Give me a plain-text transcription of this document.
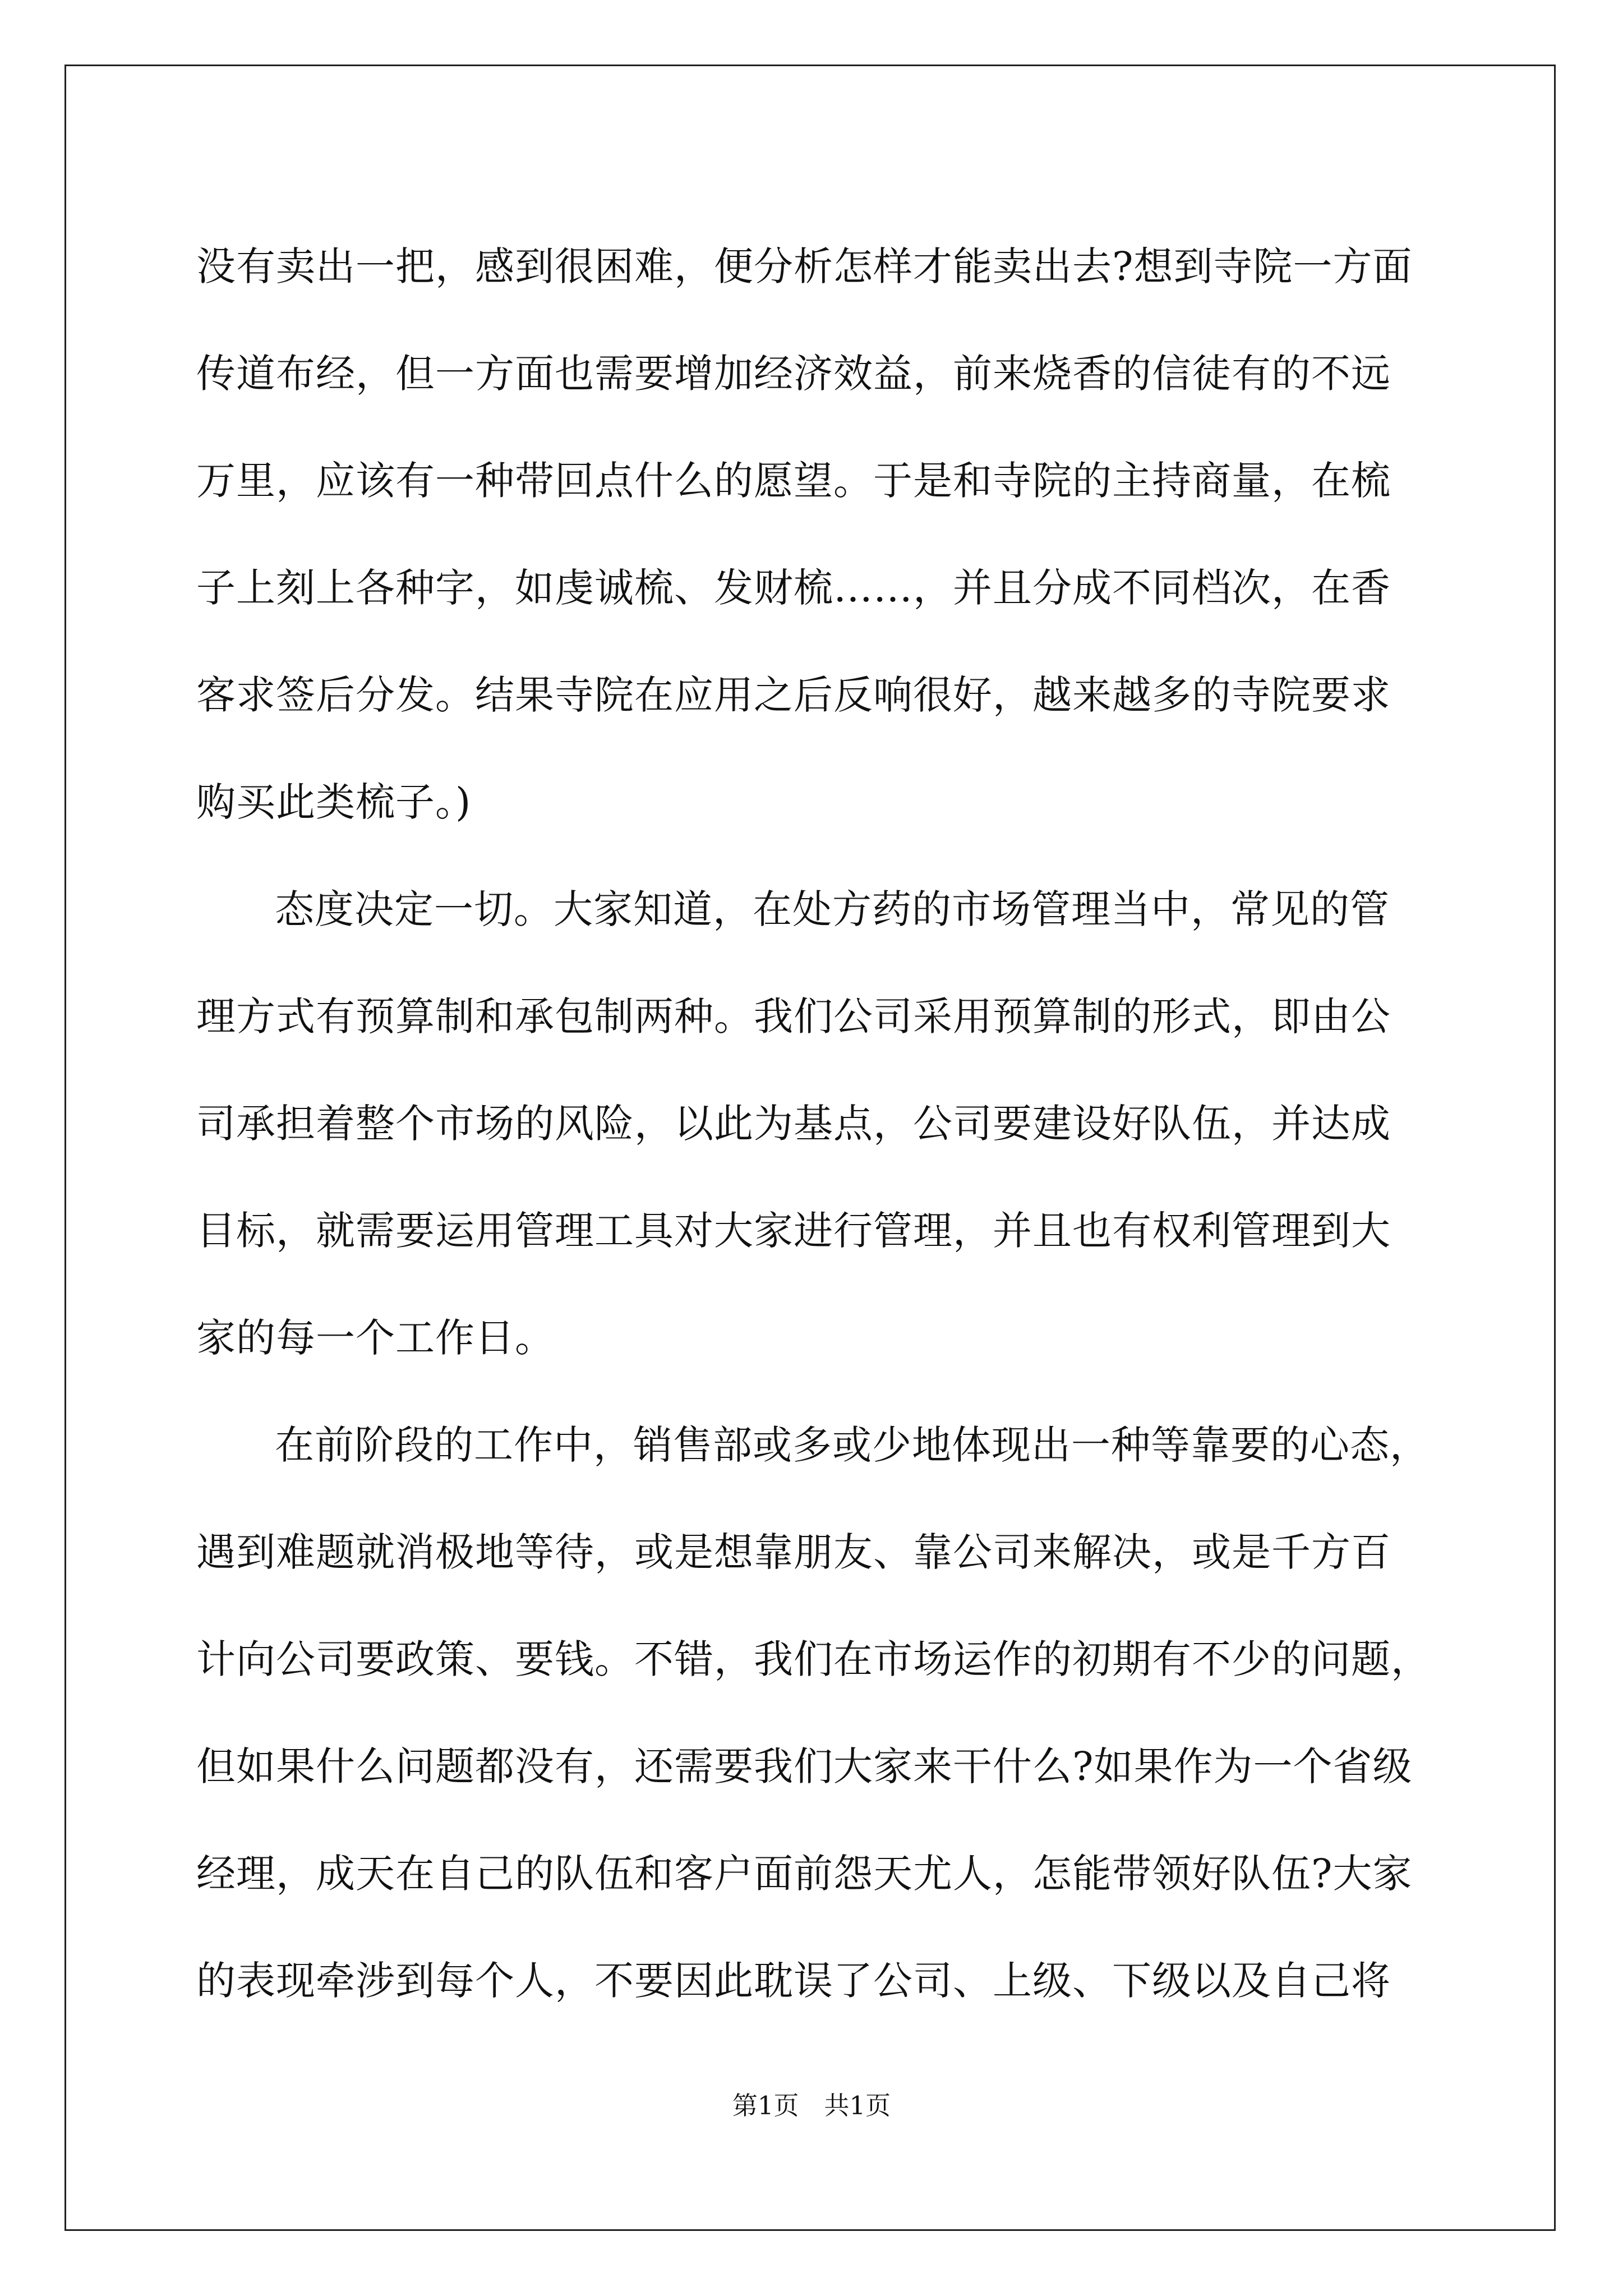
没有卖出一把，感到很困难，便分析怎样才能卖出去?想到寺院一方面
传道布经，但一方面也需要增加经济效益，前来烧香的信徒有的不远
万里，应该有一种带回点什么的愿望。于是和寺院的主持商量，在梳
子上刻上各种字，如虔诚梳、发财梳……，并且分成不同档次，在香
客求签后分发。结果寺院在应用之后反响很好，越来越多的寺院要求
购买此类梳子。)

态度决定一切。大家知道，在处方药的市场管理当中，常见的管
理方式有预算制和承包制两种。我们公司采用预算制的形式，即由公
司承担着整个市场的风险，以此为基点，公司要建设好队伍，并达成
目标，就需要运用管理工具对大家进行管理，并且也有权利管理到大
家的每一个工作日。

在前阶段的工作中，销售部或多或少地体现出一种等靠要的心态，
遇到难题就消极地等待，或是想靠朋友、靠公司来解决，或是千方百
计向公司要政策、要钱。不错，我们在市场运作的初期有不少的问题，
但如果什么问题都没有，还需要我们大家来干什么?如果作为一个省级
经理，成天在自己的队伍和客户面前怨天尤人，怎能带领好队伍?大家
的表现牵涉到每个人，不要因此耽误了公司、上级、下级以及自己将

第1页 共1页
